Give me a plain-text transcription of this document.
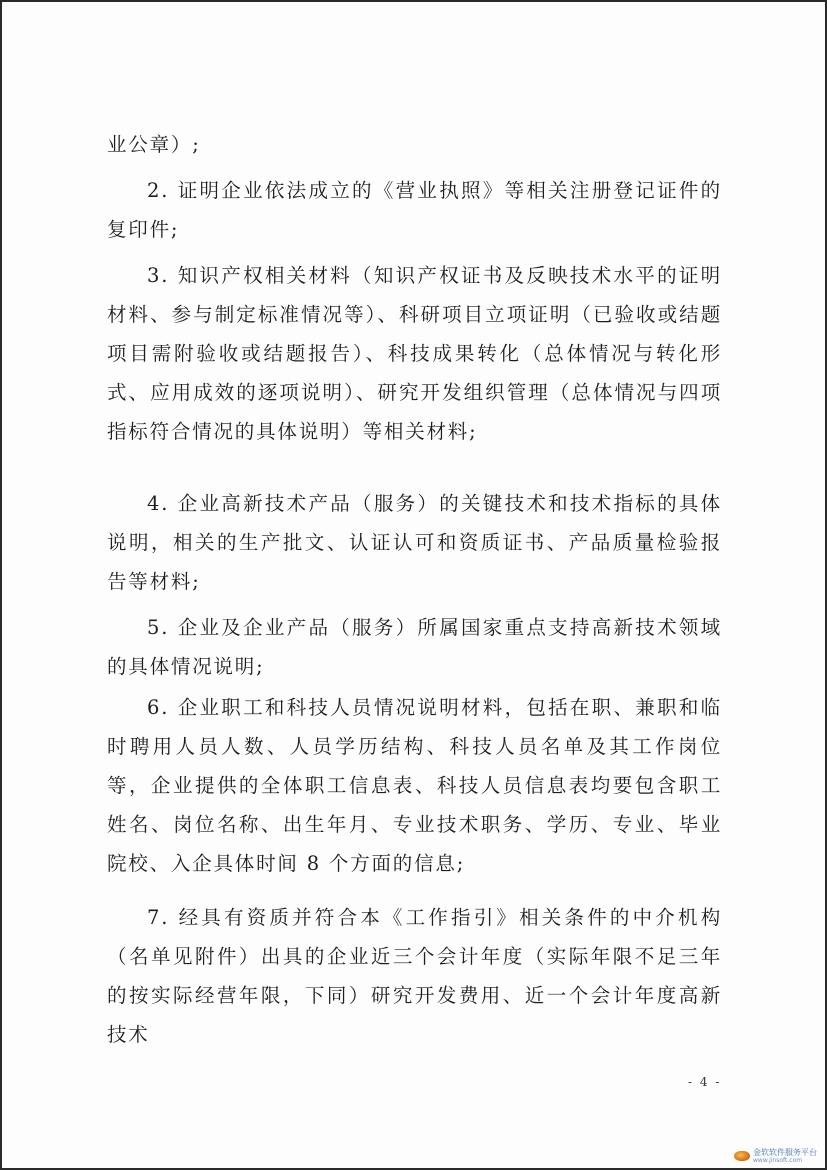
业公章）;

2. 证明企业依法成立的《营业执照》等相关注册登记证件的复印件;

3. 知识产权相关材料（知识产权证书及反映技术水平的证明材料、参与制定标准情况等）、科研项目立项证明（已验收或结题项目需附验收或结题报告）、科技成果转化（总体情况与转化形式、应用成效的逐项说明）、研究开发组织管理（总体情况与四项指标符合情况的具体说明）等相关材料;

4. 企业高新技术产品（服务）的关键技术和技术指标的具体说明，相关的生产批文、认证认可和资质证书、产品质量检验报告等材料;

5. 企业及企业产品（服务）所属国家重点支持高新技术领域的具体情况说明;

6. 企业职工和科技人员情况说明材料，包括在职、兼职和临时聘用人员人数、人员学历结构、科技人员名单及其工作岗位等，企业提供的全体职工信息表、科技人员信息表均要包含职工姓名、岗位名称、出生年月、专业技术职务、学历、专业、毕业院校、入企具体时间 8 个方面的信息;

7. 经具有资质并符合本《工作指引》相关条件的中介机构（名单见附件）出具的企业近三个会计年度（实际年限不足三年的按实际经营年限，下同）研究开发费用、近一个会计年度高新技术

- 4 -
金软软件服务平台
www.jinsoft.com
